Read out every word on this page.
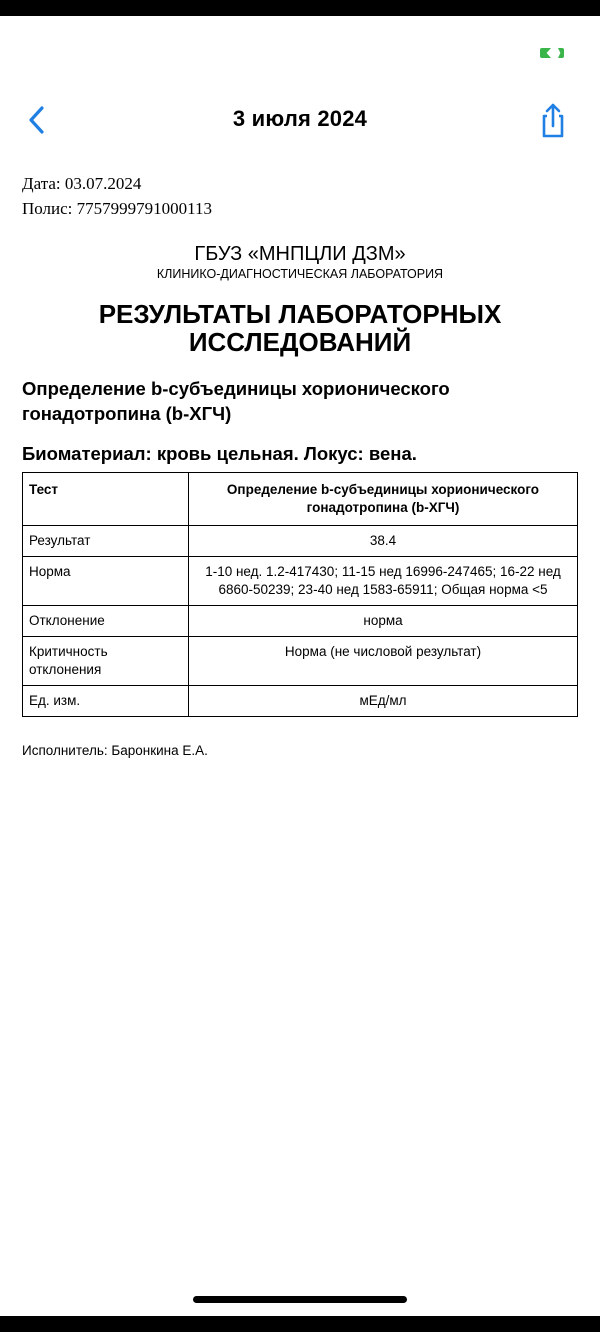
3 июля 2024
Дата: 03.07.2024
Полис: 7757999791000113
ГБУЗ «МНПЦЛИ ДЗМ»
КЛИНИКО-ДИАГНОСТИЧЕСКАЯ ЛАБОРАТОРИЯ
РЕЗУЛЬТАТЫ ЛАБОРАТОРНЫХ ИССЛЕДОВАНИЙ
Определение b-субъединицы хорионического гонадотропина (b-ХГЧ)
Биоматериал: кровь цельная. Локус: вена.
Тест	Определение b-субъединицы хорионического гонадотропина (b-ХГЧ)
Результат	38.4
Норма	1-10 нед. 1.2-417430; 11-15 нед 16996-247465; 16-22 нед 6860-50239; 23-40 нед 1583-65911; Общая норма <5
Отклонение	норма
Критичность отклонения	Норма (не числовой результат)
Ед. изм.	мЕд/мл
Исполнитель: Баронкина Е.А.
